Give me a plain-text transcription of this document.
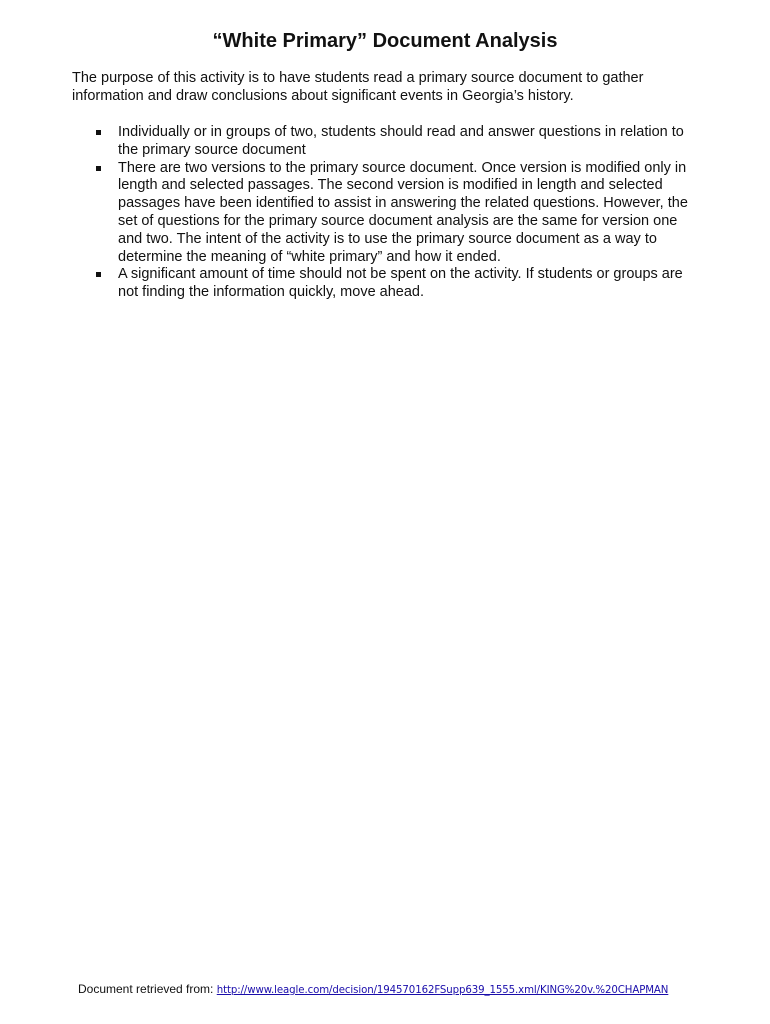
“White Primary” Document Analysis

The purpose of this activity is to have students read a primary source document to gather information and draw conclusions about significant events in Georgia’s history.

Individually or in groups of two, students should read and answer questions in relation to the primary source document
There are two versions to the primary source document. Once version is modified only in length and selected passages. The second version is modified in length and selected passages have been identified to assist in answering the related questions. However, the set of questions for the primary source document analysis are the same for version one and two. The intent of the activity is to use the primary source document as a way to determine the meaning of “white primary” and how it ended.
A significant amount of time should not be spent on the activity. If students or groups are not finding the information quickly, move ahead.
Document retrieved from: http://www.leagle.com/decision/194570162FSupp639_1555.xml/KING%20v.%20CHAPMAN
